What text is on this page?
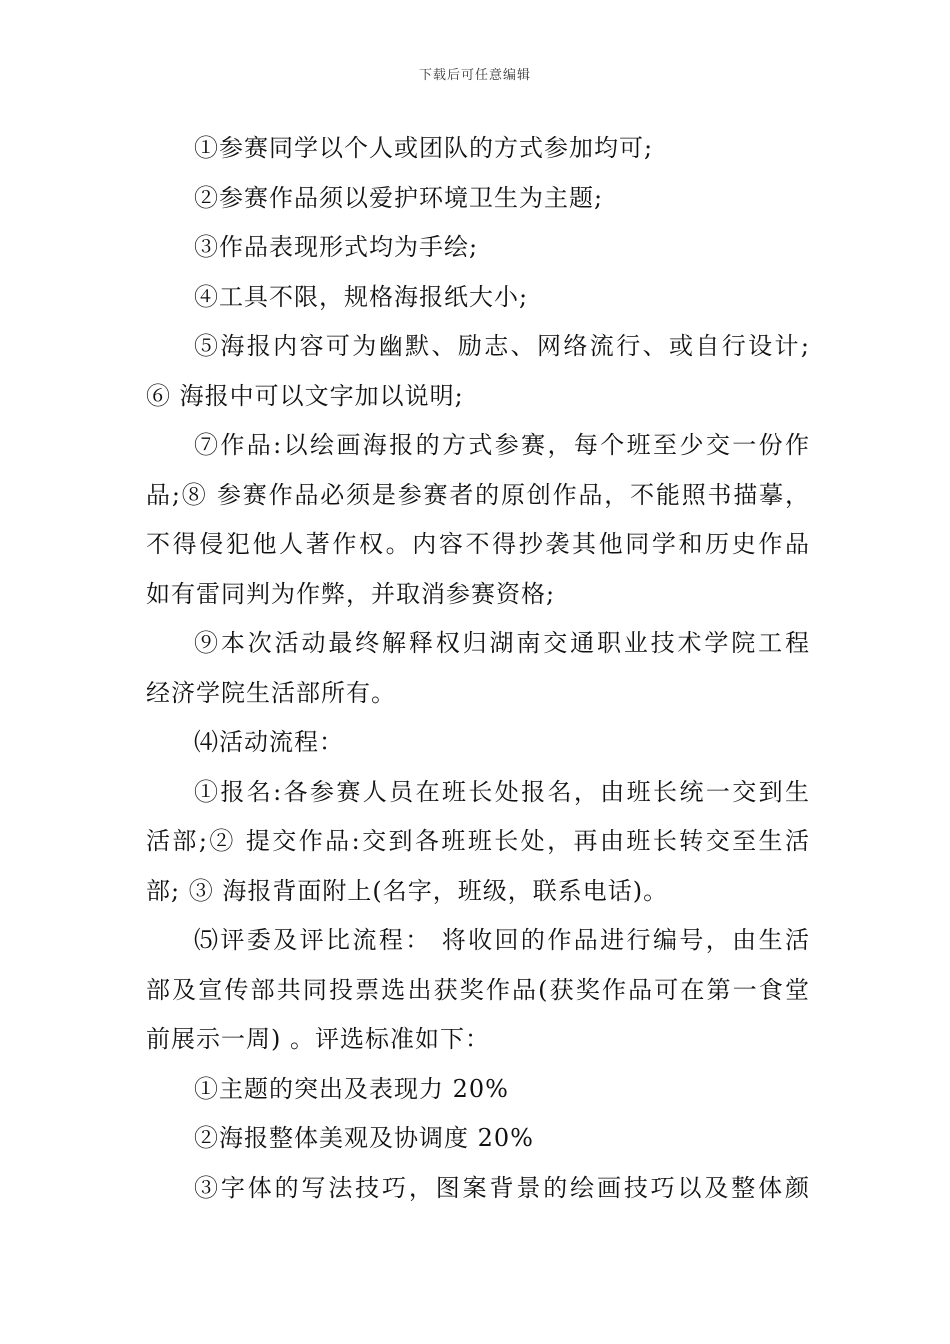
下载后可任意编辑
①参赛同学以个人或团队的方式参加均可;
②参赛作品须以爱护环境卫生为主题;
③作品表现形式均为手绘;
④工具不限，规格海报纸大小;
⑤海报内容可为幽默、励志、网络流行、或自行设计;
⑥ 海报中可以文字加以说明;
⑦作品:以绘画海报的方式参赛，每个班至少交一份作
品;⑧ 参赛作品必须是参赛者的原创作品，不能照书描摹，
不得侵犯他人著作权。内容不得抄袭其他同学和历史作品
如有雷同判为作弊，并取消参赛资格;
⑨本次活动最终解释权归湖南交通职业技术学院工程
经济学院生活部所有。
⑷活动流程：
①报名:各参赛人员在班长处报名，由班长统一交到生
活部;② 提交作品:交到各班班长处，再由班长转交至生活
部; ③ 海报背面附上(名字，班级，联系电话)。
⑸评委及评比流程： 将收回的作品进行编号，由生活
部及宣传部共同投票选出获奖作品(获奖作品可在第一食堂
前展示一周) 。评选标准如下：
①主题的突出及表现力 20%
②海报整体美观及协调度 20%
③字体的写法技巧，图案背景的绘画技巧以及整体颜
